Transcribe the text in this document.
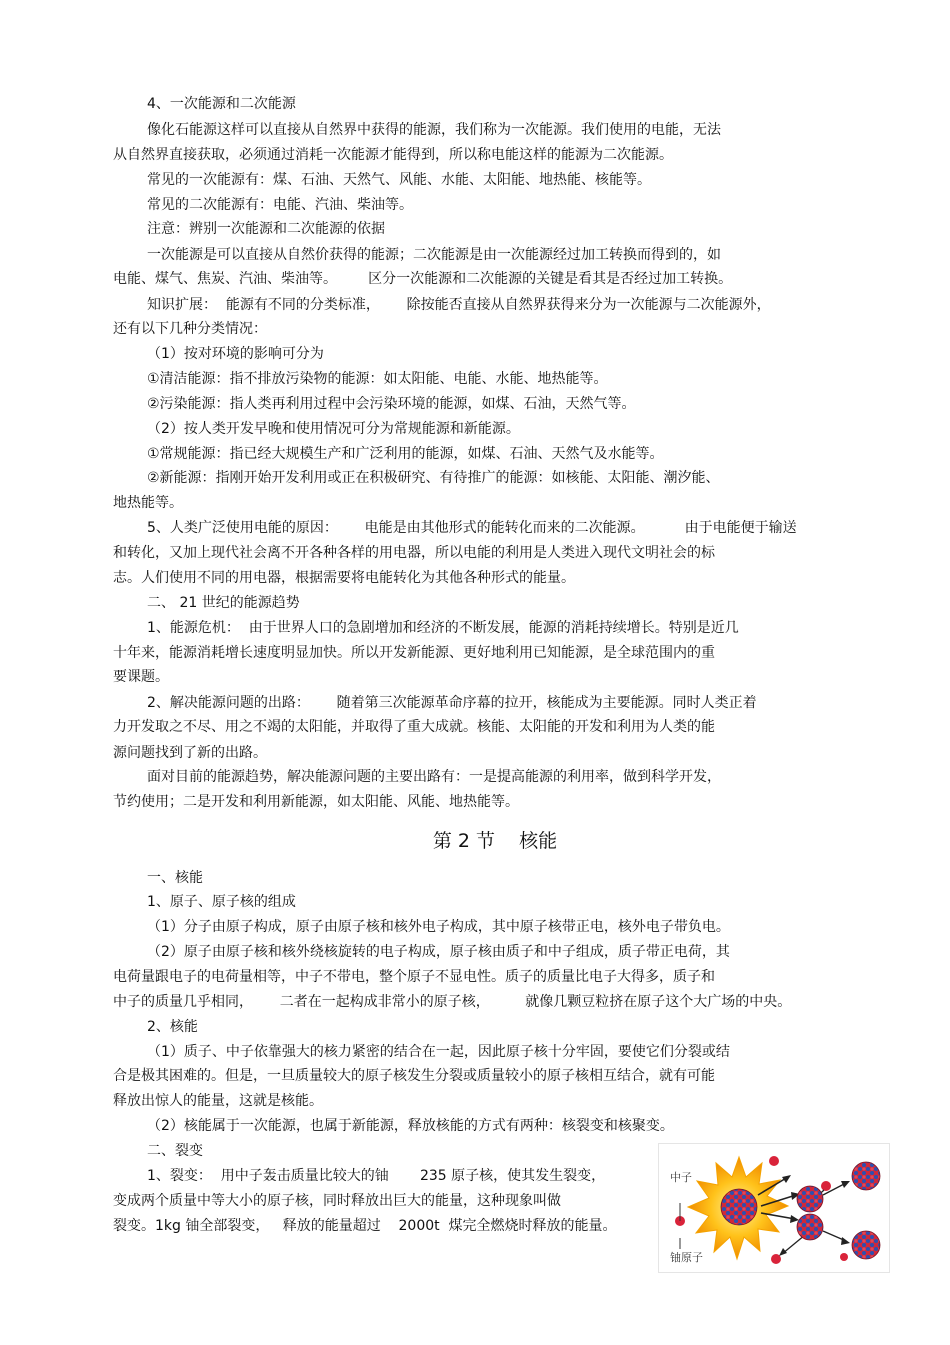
4、一次能源和二次能源
像化石能源这样可以直接从自然界中获得的能源，我们称为一次能源。我们使用的电能，无法
从自然界直接获取，必须通过消耗一次能源才能得到，所以称电能这样的能源为二次能源。
常见的一次能源有：煤、石油、天然气、风能、水能、太阳能、地热能、核能等。
常见的二次能源有：电能、汽油、柴油等。
注意：辨别一次能源和二次能源的依据
一次能源是可以直接从自然价获得的能源；二次能源是由一次能源经过加工转换而得到的，如
电能、煤气、焦炭、汽油、柴油等。       区分一次能源和二次能源的关键是看其是否经过加工转换。
知识扩展：  能源有不同的分类标准，      除按能否直接从自然界获得来分为一次能源与二次能源外，
还有以下几种分类情况：
（1）按对环境的影响可分为
①清洁能源：指不排放污染物的能源：如太阳能、电能、水能、地热能等。
②污染能源：指人类再利用过程中会污染环境的能源，如煤、石油，天然气等。
（2）按人类开发早晚和使用情况可分为常规能源和新能源。
①常规能源：指已经大规模生产和广泛利用的能源，如煤、石油、天然气及水能等。
②新能源：指刚开始开发利用或正在积极研究、有待推广的能源：如核能、太阳能、潮汐能、
地热能等。
5、人类广泛使用电能的原因：      电能是由其他形式的能转化而来的二次能源。         由于电能便于输送
和转化，又加上现代社会离不开各种各样的用电器，所以电能的利用是人类进入现代文明社会的标
志。人们使用不同的用电器，根据需要将电能转化为其他各种形式的能量。
二、 21 世纪的能源趋势
1、能源危机：  由于世界人口的急剧增加和经济的不断发展，能源的消耗持续增长。特别是近几
十年来，能源消耗增长速度明显加快。所以开发新能源、更好地利用已知能源，是全球范围内的重
要课题。
2、解决能源问题的出路：      随着第三次能源革命序幕的拉开，核能成为主要能源。同时人类正着
力开发取之不尽、用之不竭的太阳能，并取得了重大成就。核能、太阳能的开发和利用为人类的能
源问题找到了新的出路。
面对目前的能源趋势，解决能源问题的主要出路有：一是提高能源的利用率，做到科学开发，
节约使用；二是开发和利用新能源，如太阳能、风能、地热能等。
第 2 节    核能
一、核能
1、原子、原子核的组成
（1）分子由原子构成，原子由原子核和核外电子构成，其中原子核带正电，核外电子带负电。
（2）原子由原子核和核外绕核旋转的电子构成，原子核由质子和中子组成，质子带正电荷，其
电荷量跟电子的电荷量相等，中子不带电，整个原子不显电性。质子的质量比电子大得多，质子和
中子的质量几乎相同，      二者在一起构成非常小的原子核，        就像几颗豆粒挤在原子这个大广场的中央。
2、核能
（1）质子、中子依靠强大的核力紧密的结合在一起，因此原子核十分牢固，要使它们分裂或结
合是极其困难的。但是，一旦质量较大的原子核发生分裂或质量较小的原子核相互结合，就有可能
释放出惊人的能量，这就是核能。
（2）核能属于一次能源，也属于新能源，释放核能的方式有两种：核裂变和核聚变。
二、裂变
1、裂变：  用中子轰击质量比较大的铀       235 原子核，使其发生裂变，
变成两个质量中等大小的原子核，同时释放出巨大的能量，这种现象叫做
裂变。1kg 铀全部裂变，   释放的能量超过    2000t  煤完全燃烧时释放的能量。
中子
铀原子
